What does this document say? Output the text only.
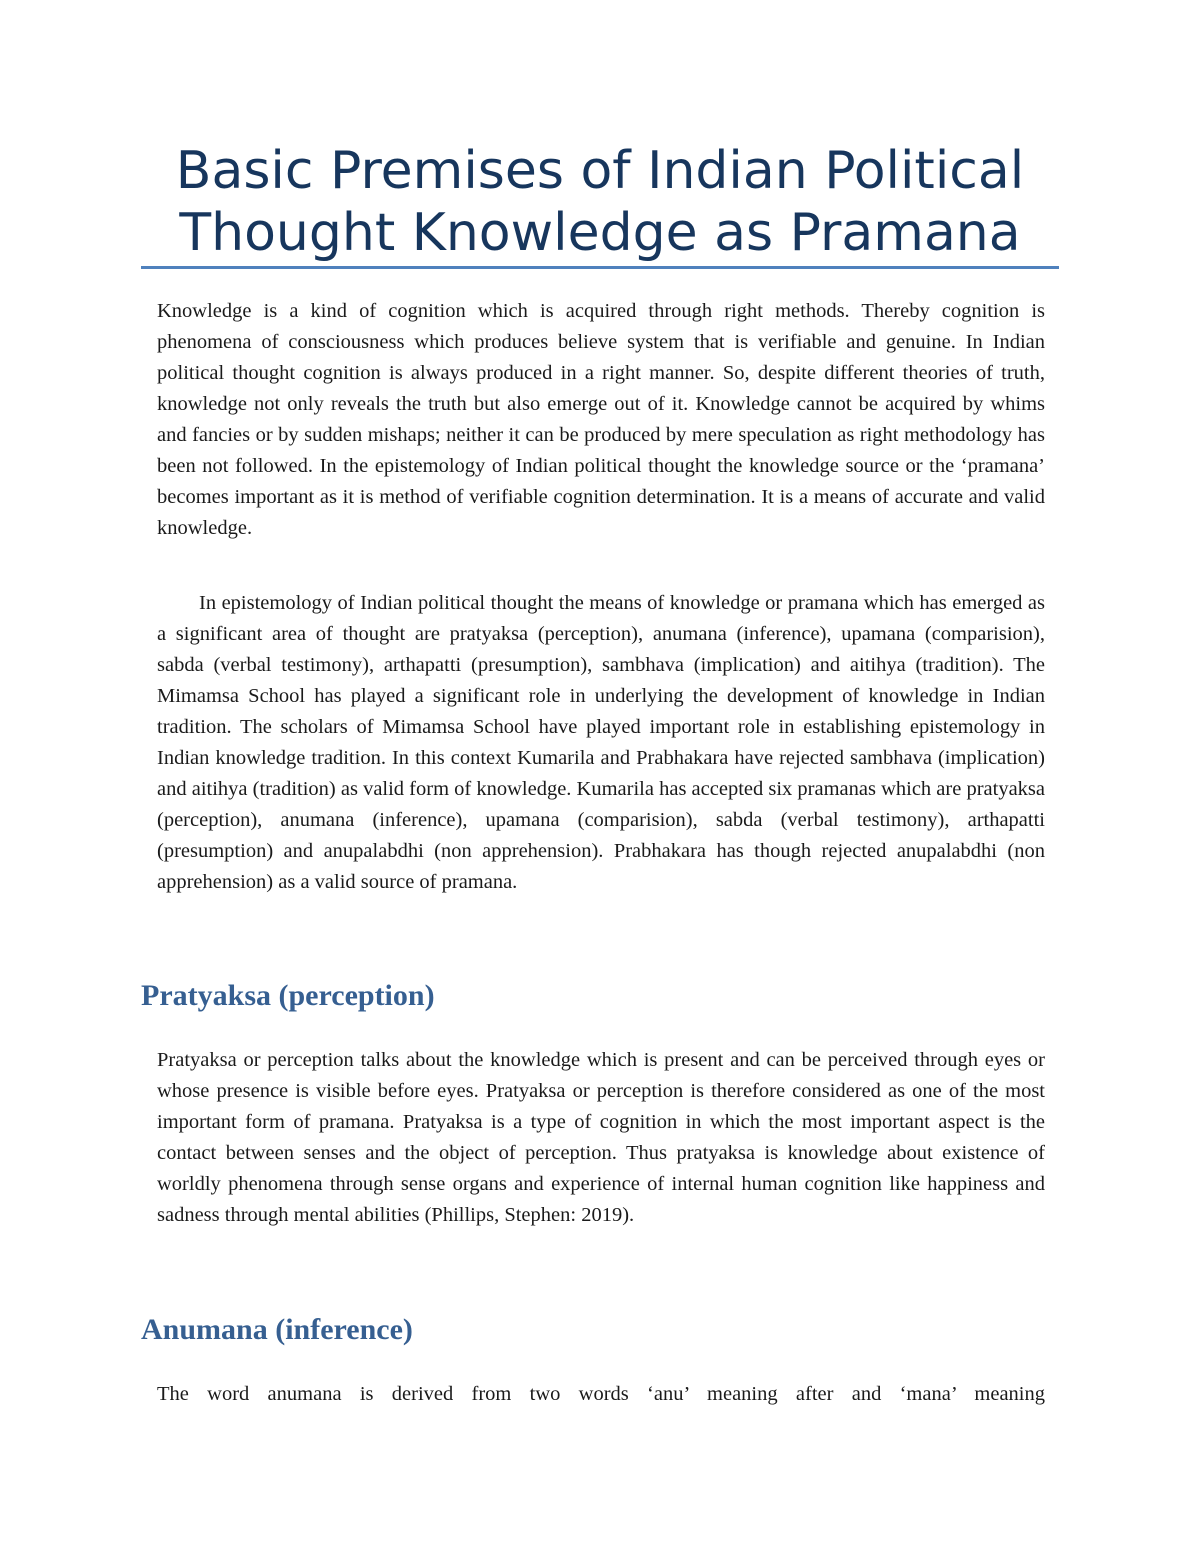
Basic Premises of Indian Political
Thought Knowledge as Pramana

Knowledge is a kind of cognition which is acquired through right methods. Thereby cognition is phenomena of consciousness which produces believe system that is verifiable and genuine. In Indian political thought cognition is always produced in a right manner. So, despite different theories of truth, knowledge not only reveals the truth but also emerge out of it. Knowledge cannot be acquired by whims and fancies or by sudden mishaps; neither it can be produced by mere speculation as right methodology has been not followed. In the epistemology of Indian political thought the knowledge source or the ‘pramana’ becomes important as it is method of verifiable cognition determination. It is a means of accurate and valid knowledge.

In epistemology of Indian political thought the means of knowledge or pramana which has emerged as a significant area of thought are pratyaksa (perception), anumana (inference), upamana (comparision), sabda (verbal testimony), arthapatti (presumption), sambhava (implication) and aitihya (tradition). The Mimamsa School has played a significant role in underlying the development of knowledge in Indian tradition. The scholars of Mimamsa School have played important role in establishing epistemology in Indian knowledge tradition. In this context Kumarila and Prabhakara have rejected sambhava (implication) and aitihya (tradition) as valid form of knowledge. Kumarila has accepted six pramanas which are pratyaksa (perception), anumana (inference), upamana (comparision), sabda (verbal testimony), arthapatti (presumption) and anupalabdhi (non apprehension). Prabhakara has though rejected anupalabdhi (non apprehension) as a valid source of pramana.

Pratyaksa (perception)

Pratyaksa or perception talks about the knowledge which is present and can be perceived through eyes or whose presence is visible before eyes. Pratyaksa or perception is therefore considered as one of the most important form of pramana. Pratyaksa is a type of cognition in which the most important aspect is the contact between senses and the object of perception. Thus pratyaksa is knowledge about existence of worldly phenomena through sense organs and experience of internal human cognition like happiness and sadness through mental abilities (Phillips, Stephen: 2019).

Anumana (inference)

The word anumana is derived from two words ‘anu’ meaning after and ‘mana’ meaning
